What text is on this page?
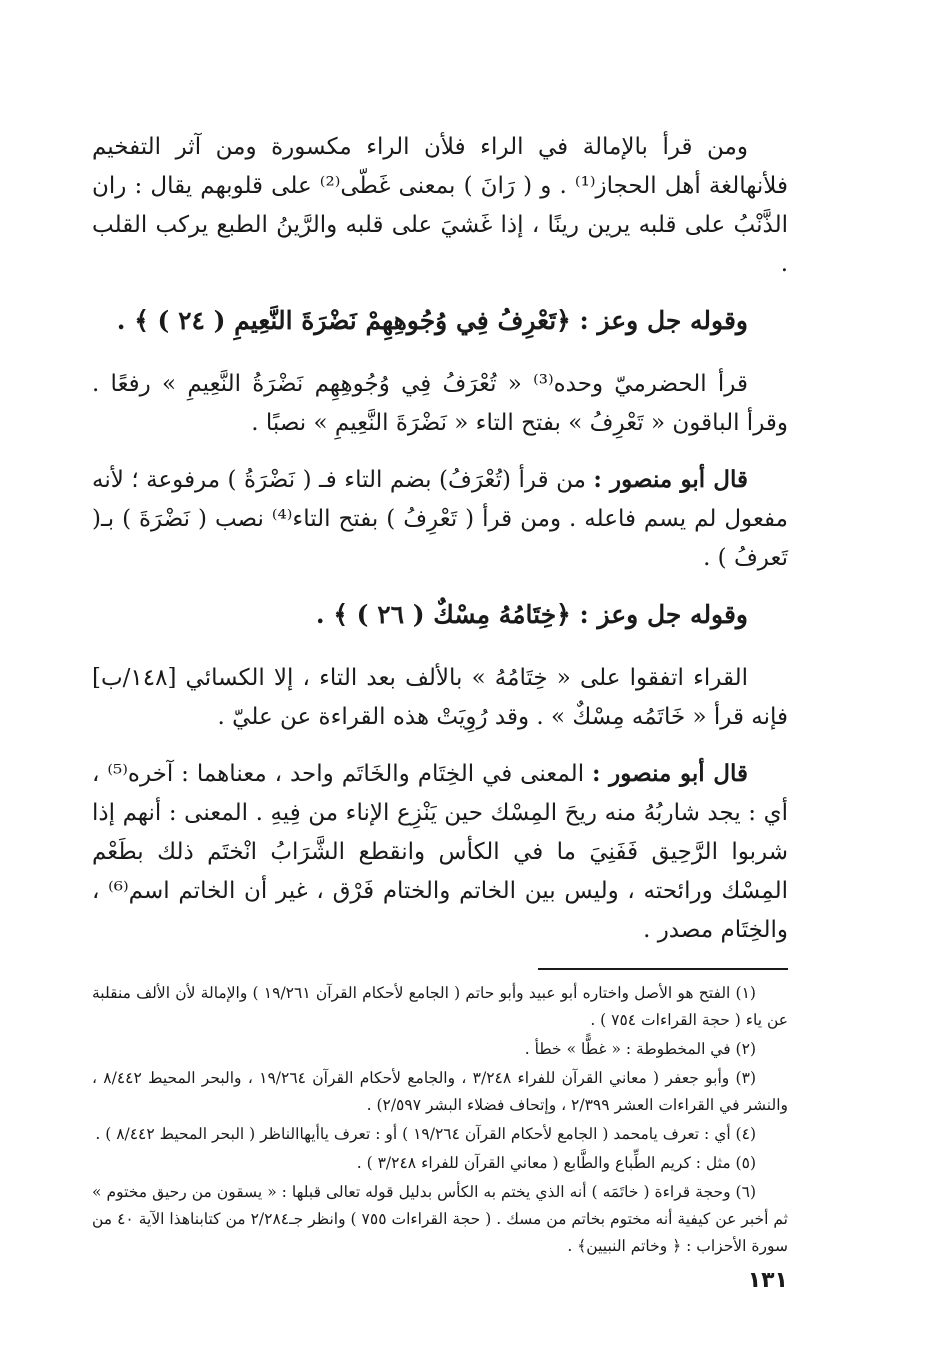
ومن قرأ بالإمالة في الراء فلأن الراء مكسورة ومن آثر التفخيم فلأنهالغة أهل الحجاز⁽¹⁾ . و ( رَانَ ) بمعنى غَطّى⁽²⁾ على قلوبهم يقال : ران الذَّنْبُ على قلبه يرين رينًا ، إذا غَشيَ على قلبه والرَّينُ الطبع يركب القلب .

وقوله جل وعز : ﴿تَعْرِفُ فِي وُجُوهِهِمْ نَضْرَةَ النَّعِيمِ ( ٢٤ ) ﴾ .

قرأ الحضرميّ وحده⁽³⁾ « تُعْرَفُ فِي وُجُوهِهِم نَضْرَةُ النَّعِيمِ » رفعًا . وقرأ الباقون « تَعْرِفُ » بفتح التاء « نَضْرَةَ النَّعِيمِ » نصبًا .

قال أبو منصور : من قرأ (تُعْرَفُ) بضم التاء فـ ( نَضْرَةُ ) مرفوعة ؛ لأنه مفعول لم يسم فاعله . ومن قرأ ( تَعْرِفُ ) بفتح التاء⁽⁴⁾ نصب ( نَضْرَةَ ) بـ( تَعرفُ ) .

وقوله جل وعز : ﴿خِتَامُهُ مِسْكٌ ( ٢٦ ) ﴾ .

القراء اتفقوا على « خِتَامُهُ » بالألف بعد التاء ، إلا الكسائي [١٤٨/ب] فإنه قرأ « خَاتَمُه مِسْكٌ » . وقد رُوِيَتْ هذه القراءة عن عليّ .

قال أبو منصور : المعنى في الخِتَام والخَاتَم واحد ، معناهما : آخره⁽⁵⁾ ، أي : يجد شاربُهُ منه ريحَ المِسْك حين يَنْزِع الإناء من فِيهِ . المعنى : أنهم إذا شربوا الرَّحِيق فَفَنِيَ ما في الكأس وانقطع الشَّرَابُ انْختَم ذلك بطَعْم المِسْك ورائحته ، وليس بين الخاتم والختام فَرْق ، غير أن الخاتم اسم⁽⁶⁾ ، والخِتَام مصدر .

(١) الفتح هو الأصل واختاره أبو عبيد وأبو حاتم ( الجامع لأحكام القرآن ١٩/٢٦١ ) والإمالة لأن الألف منقلبة عن ياء ( حجة القراءات ٧٥٤ ) .

(٢) في المخطوطة : « غطًّا » خطأ .

(٣) وأبو جعفر ( معاني القرآن للفراء ٣/٢٤٨ ، والجامع لأحكام القرآن ١٩/٢٦٤ ، والبحر المحيط ٨/٤٤٢ ، والنشر في القراءات العشر ٢/٣٩٩ ، وإتحاف فضلاء البشر ٢/٥٩٧) .

(٤) أي : تعرف يامحمد ( الجامع لأحكام القرآن ١٩/٢٦٤ ) أو : تعرف ياأيهاالناظر ( البحر المحيط ٨/٤٤٢ ) .

(٥) مثل : كريم الطِّباع والطَّابع ( معاني القرآن للفراء ٣/٢٤٨ ) .

(٦) وحجة قراءة ( خاتَمَه ) أنه الذي يختم به الكأس بدليل قوله تعالى قبلها : « يسقون من رحيق مختوم » ثم أخبر عن كيفية أنه مختوم بخاتم من مسك . ( حجة القراءات ٧٥٥ ) وانظر جـ٢/٢٨٤ من كتابناهذا الآية ٤٠ من سورة الأحزاب : ﴿ وخاتم النبيين﴾ .

١٣١
